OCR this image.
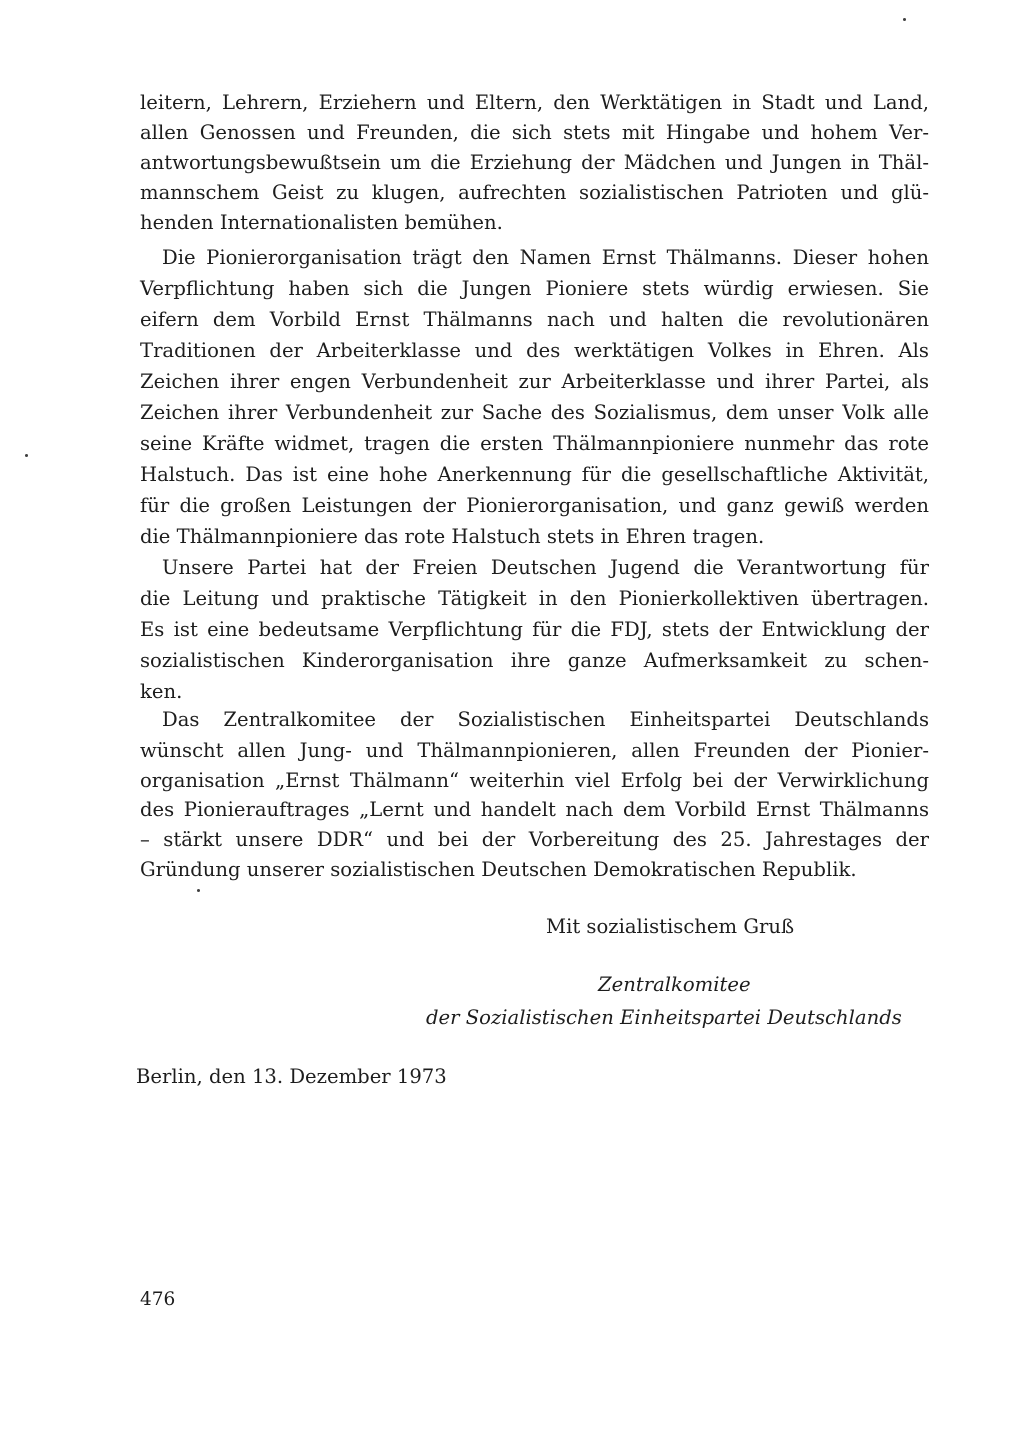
leitern, Lehrern, Erziehern und Eltern, den Werktätigen in Stadt und Land,
allen Genossen und Freunden, die sich stets mit Hingabe und hohem Ver-
antwortungsbewußtsein um die Erziehung der Mädchen und Jungen in Thäl-
mannschem Geist zu klugen, aufrechten sozialistischen Patrioten und glü-
henden Internationalisten bemühen.
Die Pionierorganisation trägt den Namen Ernst Thälmanns. Dieser hohen
Verpflichtung haben sich die Jungen Pioniere stets würdig erwiesen. Sie
eifern dem Vorbild Ernst Thälmanns nach und halten die revolutionären
Traditionen der Arbeiterklasse und des werktätigen Volkes in Ehren. Als
Zeichen ihrer engen Verbundenheit zur Arbeiterklasse und ihrer Partei, als
Zeichen ihrer Verbundenheit zur Sache des Sozialismus, dem unser Volk alle
seine Kräfte widmet, tragen die ersten Thälmannpioniere nunmehr das rote
Halstuch. Das ist eine hohe Anerkennung für die gesellschaftliche Aktivität,
für die großen Leistungen der Pionierorganisation, und ganz gewiß werden
die Thälmannpioniere das rote Halstuch stets in Ehren tragen.
Unsere Partei hat der Freien Deutschen Jugend die Verantwortung für
die Leitung und praktische Tätigkeit in den Pionierkollektiven übertragen.
Es ist eine bedeutsame Verpflichtung für die FDJ, stets der Entwicklung der
sozialistischen Kinderorganisation ihre ganze Aufmerksamkeit zu schen-
ken.
Das Zentralkomitee der Sozialistischen Einheitspartei Deutschlands
wünscht allen Jung- und Thälmannpionieren, allen Freunden der Pionier-
organisation „Ernst Thälmann“ weiterhin viel Erfolg bei der Verwirklichung
des Pionierauftrages „Lernt und handelt nach dem Vorbild Ernst Thälmanns
– stärkt unsere DDR“ und bei der Vorbereitung des 25. Jahrestages der
Gründung unserer sozialistischen Deutschen Demokratischen Republik.
Mit sozialistischem Gruß
Zentralkomitee
der Sozialistischen Einheitspartei Deutschlands
Berlin, den 13. Dezember 1973
476
